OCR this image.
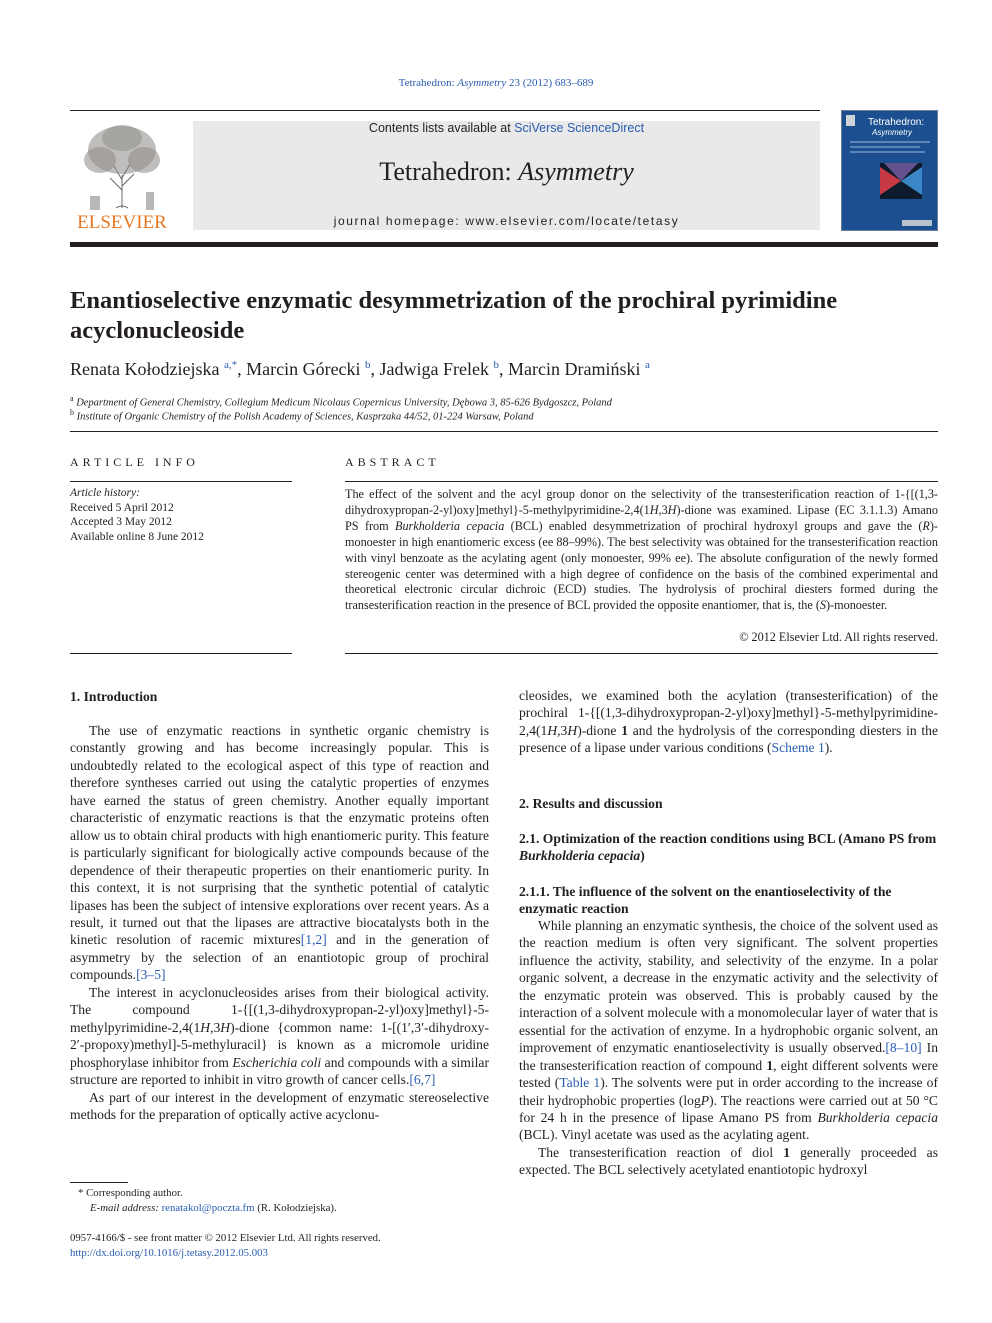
Tetrahedron: Asymmetry 23 (2012) 683–689
ELSEVIER
Contents lists available at SciVerse ScienceDirect
Tetrahedron: Asymmetry
journal homepage: www.elsevier.com/locate/tetasy
Tetrahedron:
Asymmetry
Enantioselective enzymatic desymmetrization of the prochiral pyrimidine acyclonucleoside
Renata Kołodziejska $^{a,*}$, Marcin Górecki $^b$, Jadwiga Frelek $^b$, Marcin Dramiński $^a$
$^a$ Department of General Chemistry, Collegium Medicum Nicolaus Copernicus University, Dębowa 3, 85-626 Bydgoszcz, Poland
$^b$ Institute of Organic Chemistry of the Polish Academy of Sciences, Kasprzaka 44/52, 01-224 Warsaw, Poland
ARTICLE INFO
Article history:
Received 5 April 2012
Accepted 3 May 2012
Available online 8 June 2012
ABSTRACT
The effect of the solvent and the acyl group donor on the selectivity of the transesterification reaction of 1-{[(1,3-dihydroxypropan-2-yl)oxy]methyl}-5-methylpyrimidine-2,4(1H,3H)-dione was examined. Lipase (EC 3.1.1.3) Amano PS from Burkholderia cepacia (BCL) enabled desymmetrization of prochiral hydroxyl groups and gave the (R)-monoester in high enantiomeric excess (ee 88–99%). The best selectivity was obtained for the transesterification reaction with vinyl benzoate as the acylating agent (only monoester, 99% ee). The absolute configuration of the newly formed stereogenic center was determined with a high degree of confidence on the basis of the combined experimental and theoretical electronic circular dichroic (ECD) studies. The hydrolysis of prochiral diesters formed during the transesterification reaction in the presence of BCL provided the opposite enantiomer, that is, the (S)-monoester.
© 2012 Elsevier Ltd. All rights reserved.
1. Introduction

The use of enzymatic reactions in synthetic organic chemistry is constantly growing and has become increasingly popular. This is undoubtedly related to the ecological aspect of this type of reaction and therefore syntheses carried out using the catalytic properties of enzymes have earned the status of green chemistry. Another equally important characteristic of enzymatic reactions is that the enzymatic proteins often allow us to obtain chiral products with high enantiomeric purity. This feature is particularly significant for biologically active compounds because of the dependence of their therapeutic properties on their enantiomeric purity. In this context, it is not surprising that the synthetic potential of catalytic lipases has been the subject of intensive explorations over recent years. As a result, it turned out that the lipases are attractive biocatalysts both in the kinetic resolution of racemic mixtures[1,2] and in the generation of asymmetry by the selection of an enantiotopic group of prochiral compounds.[3–5]

The interest in acyclonucleosides arises from their biological activity. The compound 1-{[(1,3-dihydroxypropan-2-yl)oxy]methyl}-5-methylpyrimidine-2,4(1H,3H)-dione {common name: 1-[(1′,3′-dihydroxy-2′-propoxy)methyl]-5-methyluracil} is known as a micromole uridine phosphorylase inhibitor from Escherichia coli and compounds with a similar structure are reported to inhibit in vitro growth of cancer cells.[6,7]

As part of our interest in the development of enzymatic stereoselective methods for the preparation of optically active acyclonu-

cleosides, we examined both the acylation (transesterification) of the prochiral 1-{[(1,3-dihydroxypropan-2-yl)oxy]methyl}-5-methylpyrimidine-2,4(1H,3H)-dione 1 and the hydrolysis of the corresponding diesters in the presence of a lipase under various conditions (Scheme 1).

2. Results and discussion
2.1. Optimization of the reaction conditions using BCL (Amano PS from Burkholderia cepacia)
2.1.1. The influence of the solvent on the enantioselectivity of the enzymatic reaction

While planning an enzymatic synthesis, the choice of the solvent used as the reaction medium is often very significant. The solvent properties influence the activity, stability, and selectivity of the enzyme. In a polar organic solvent, a decrease in the enzymatic activity and the selectivity of the enzymatic protein was observed. This is probably caused by the interaction of a solvent molecule with a monomolecular layer of water that is essential for the activation of enzyme. In a hydrophobic organic solvent, an improvement of enzymatic enantioselectivity is usually observed.[8–10] In the transesterification reaction of compound 1, eight different solvents were tested (Table 1). The solvents were put in order according to the increase of their hydrophobic properties (logP). The reactions were carried out at 50 °C for 24 h in the presence of lipase Amano PS from Burkholderia cepacia (BCL). Vinyl acetate was used as the acylating agent.

The transesterification reaction of diol 1 generally proceeded as expected. The BCL selectively acetylated enantiotopic hydroxyl

* Corresponding author.
E-mail address: renatakol@poczta.fm (R. Kołodziejska).
0957-4166/$ - see front matter © 2012 Elsevier Ltd. All rights reserved.
http://dx.doi.org/10.1016/j.tetasy.2012.05.003
